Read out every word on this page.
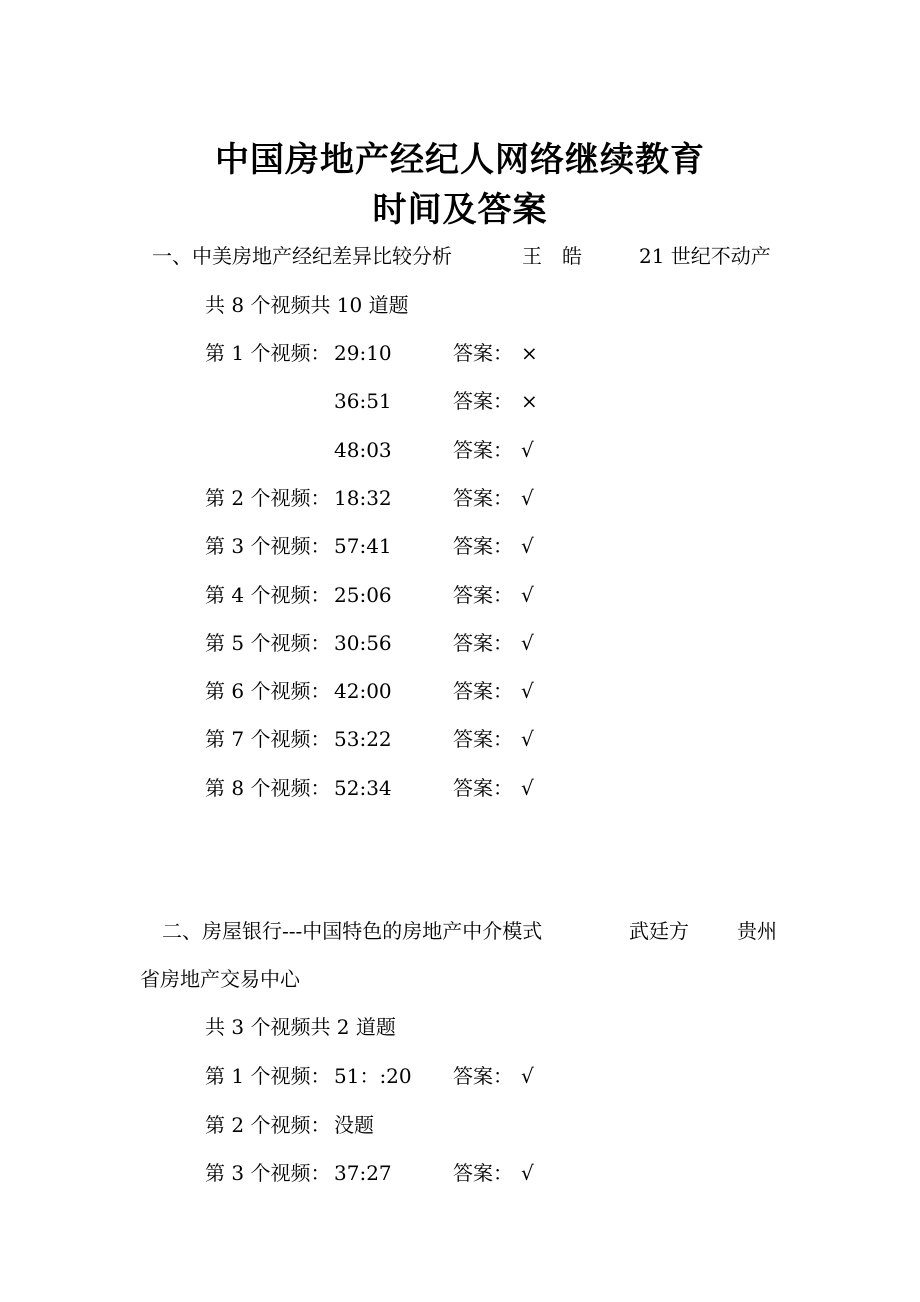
中国房地产经纪人网络继续教育
时间及答案
一、中美房地产经纪差异比较分析	王　皓	21 世纪不动产
共 8 个视频共 10 道题
第 1 个视频： 29:10	答案： ×
36:51	答案： ×
48:03	答案： √
第 2 个视频： 18:32	答案： √
第 3 个视频： 57:41	答案： √
第 4 个视频： 25:06	答案： √
第 5 个视频： 30:56	答案： √
第 6 个视频： 42:00	答案： √
第 7 个视频： 53:22	答案： √
第 8 个视频： 52:34	答案： √
二、房屋银行---中国特色的房地产中介模式	武廷方 贵州
省房地产交易中心
共 3 个视频共 2 道题
第 1 个视频： 51：:20 答案： √
第 2 个视频： 没题
第 3 个视频： 37:27	答案： √
